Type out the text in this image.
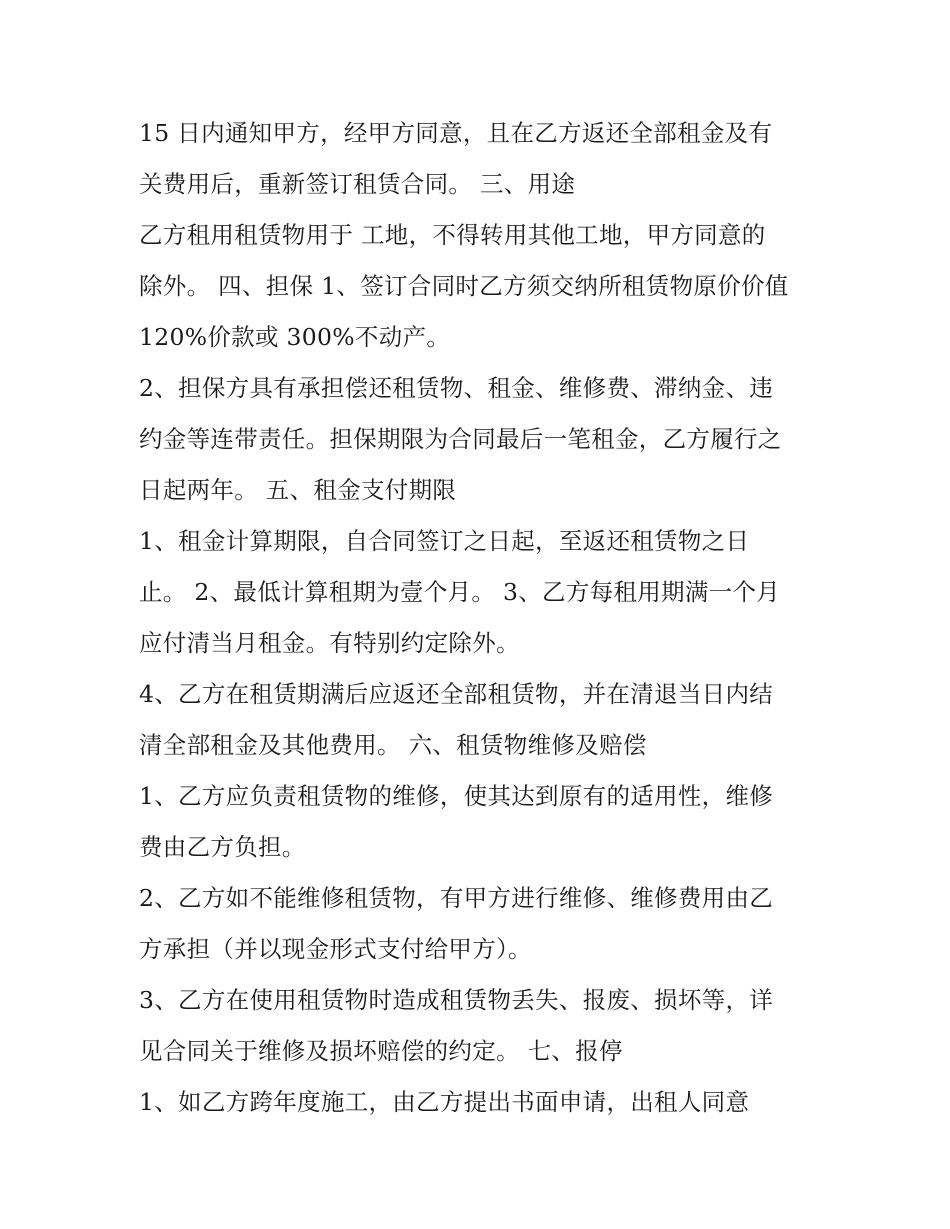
15 日内通知甲方，经甲方同意，且在乙方返还全部租金及有
关费用后，重新签订租赁合同。 三、用途
乙方租用租赁物用于 工地，不得转用其他工地，甲方同意的
除外。 四、担保 1、签订合同时乙方须交纳所租赁物原价价值
120%价款或 300%不动产。
2、担保方具有承担偿还租赁物、租金、维修费、滞纳金、违
约金等连带责任。担保期限为合同最后一笔租金，乙方履行之
日起两年。 五、租金支付期限
1、租金计算期限，自合同签订之日起，至返还租赁物之日
止。 2、最低计算租期为壹个月。 3、乙方每租用期满一个月
应付清当月租金。有特别约定除外。
4、乙方在租赁期满后应返还全部租赁物，并在清退当日内结
清全部租金及其他费用。 六、租赁物维修及赔偿
1、乙方应负责租赁物的维修，使其达到原有的适用性，维修
费由乙方负担。
2、乙方如不能维修租赁物，有甲方进行维修、维修费用由乙
方承担（并以现金形式支付给甲方）。
3、乙方在使用租赁物时造成租赁物丢失、报废、损坏等，详
见合同关于维修及损坏赔偿的约定。 七、报停
1、如乙方跨年度施工，由乙方提出书面申请，出租人同意
